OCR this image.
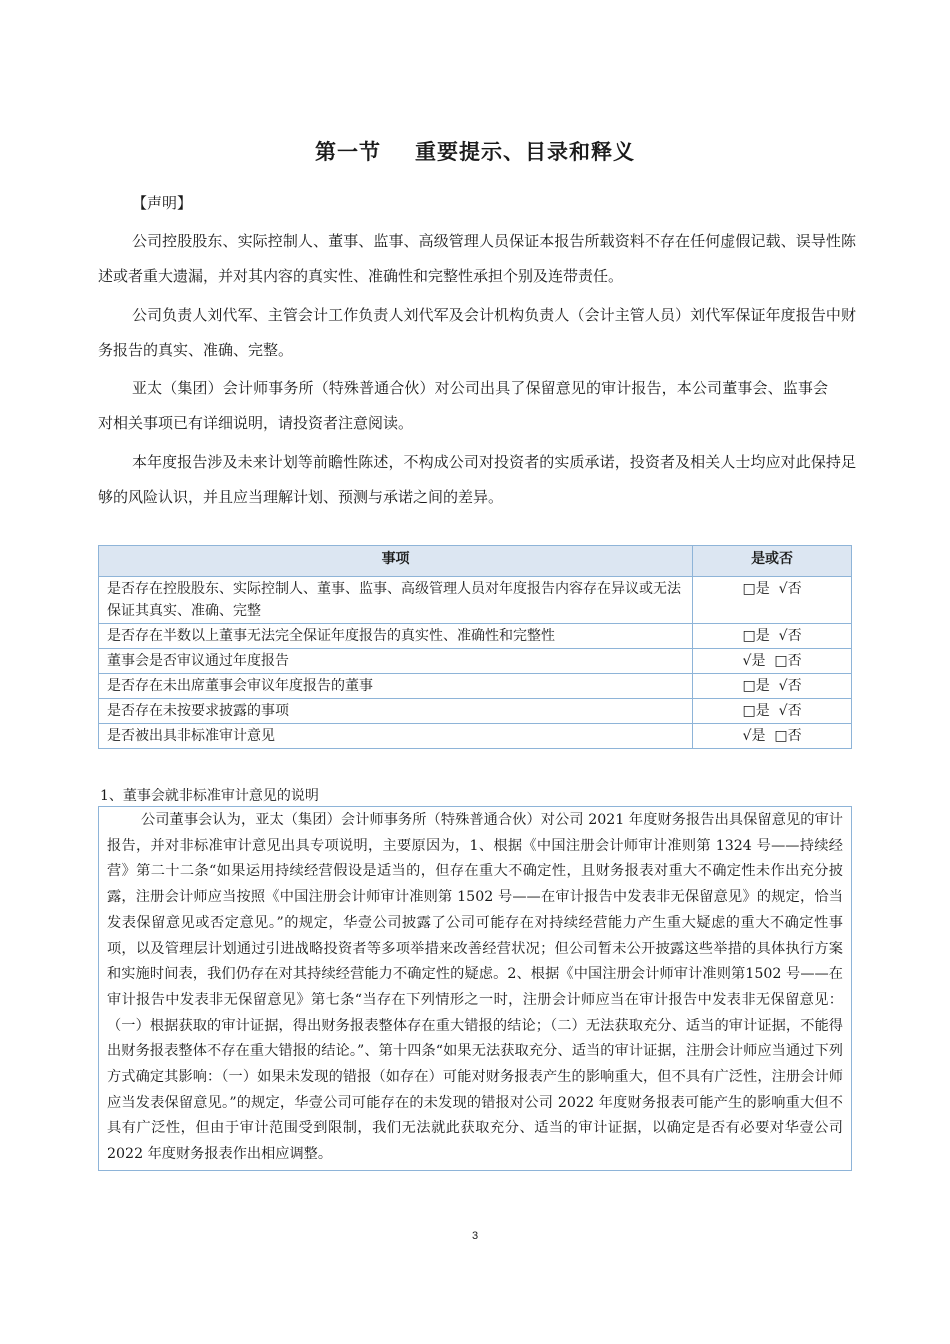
第一节 重要提示、目录和释义
【声明】
公司控股股东、实际控制人、董事、监事、高级管理人员保证本报告所载资料不存在任何虚假记载、误导性陈述或者重大遗漏，并对其内容的真实性、准确性和完整性承担个别及连带责任。
公司负责人刘代军、主管会计工作负责人刘代军及会计机构负责人（会计主管人员）刘代军保证年度报告中财务报告的真实、准确、完整。
亚太（集团）会计师事务所（特殊普通合伙）对公司出具了保留意见的审计报告，本公司董事会、监事会对相关事项已有详细说明，请投资者注意阅读。
本年度报告涉及未来计划等前瞻性陈述，不构成公司对投资者的实质承诺，投资者及相关人士均应对此保持足够的风险认识，并且应当理解计划、预测与承诺之间的差异。
事项	是或否
是否存在控股股东、实际控制人、董事、监事、高级管理人员对年度报告内容存在异议或无法保证其真实、准确、完整	□是  √否
是否存在半数以上董事无法完全保证年度报告的真实性、准确性和完整性	□是  √否
董事会是否审议通过年度报告	√是  □否
是否存在未出席董事会审议年度报告的董事	□是  √否
是否存在未按要求披露的事项	□是  √否
是否被出具非标准审计意见	√是  □否
1、董事会就非标准审计意见的说明
公司董事会认为，亚太（集团）会计师事务所（特殊普通合伙）对公司 2021 年度财务报告出具保留意见的审计报告，并对非标准审计意见出具专项说明，主要原因为，1、根据《中国注册会计师审计准则第 1324 号——持续经营》第二十二条“如果运用持续经营假设是适当的，但存在重大不确定性，且财务报表对重大不确定性未作出充分披露，注册会计师应当按照《中国注册会计师审计准则第 1502 号——在审计报告中发表非无保留意见》的规定，恰当发表保留意见或否定意见。”的规定，华壹公司披露了公司可能存在对持续经营能力产生重大疑虑的重大不确定性事项，以及管理层计划通过引进战略投资者等多项举措来改善经营状况；但公司暂未公开披露这些举措的具体执行方案和实施时间表，我们仍存在对其持续经营能力不确定性的疑虑。2、根据《中国注册会计师审计准则第1502 号——在审计报告中发表非无保留意见》第七条“当存在下列情形之一时，注册会计师应当在审计报告中发表非无保留意见：（一）根据获取的审计证据，得出财务报表整体存在重大错报的结论；（二）无法获取充分、适当的审计证据，不能得出财务报表整体不存在重大错报的结论。”、第十四条“如果无法获取充分、适当的审计证据，注册会计师应当通过下列方式确定其影响：（一）如果未发现的错报（如存在）可能对财务报表产生的影响重大，但不具有广泛性，注册会计师应当发表保留意见。”的规定，华壹公司可能存在的未发现的错报对公司 2022 年度财务报表可能产生的影响重大但不具有广泛性，但由于审计范围受到限制，我们无法就此获取充分、适当的审计证据，以确定是否有必要对华壹公司 2022 年度财务报表作出相应调整。
3
